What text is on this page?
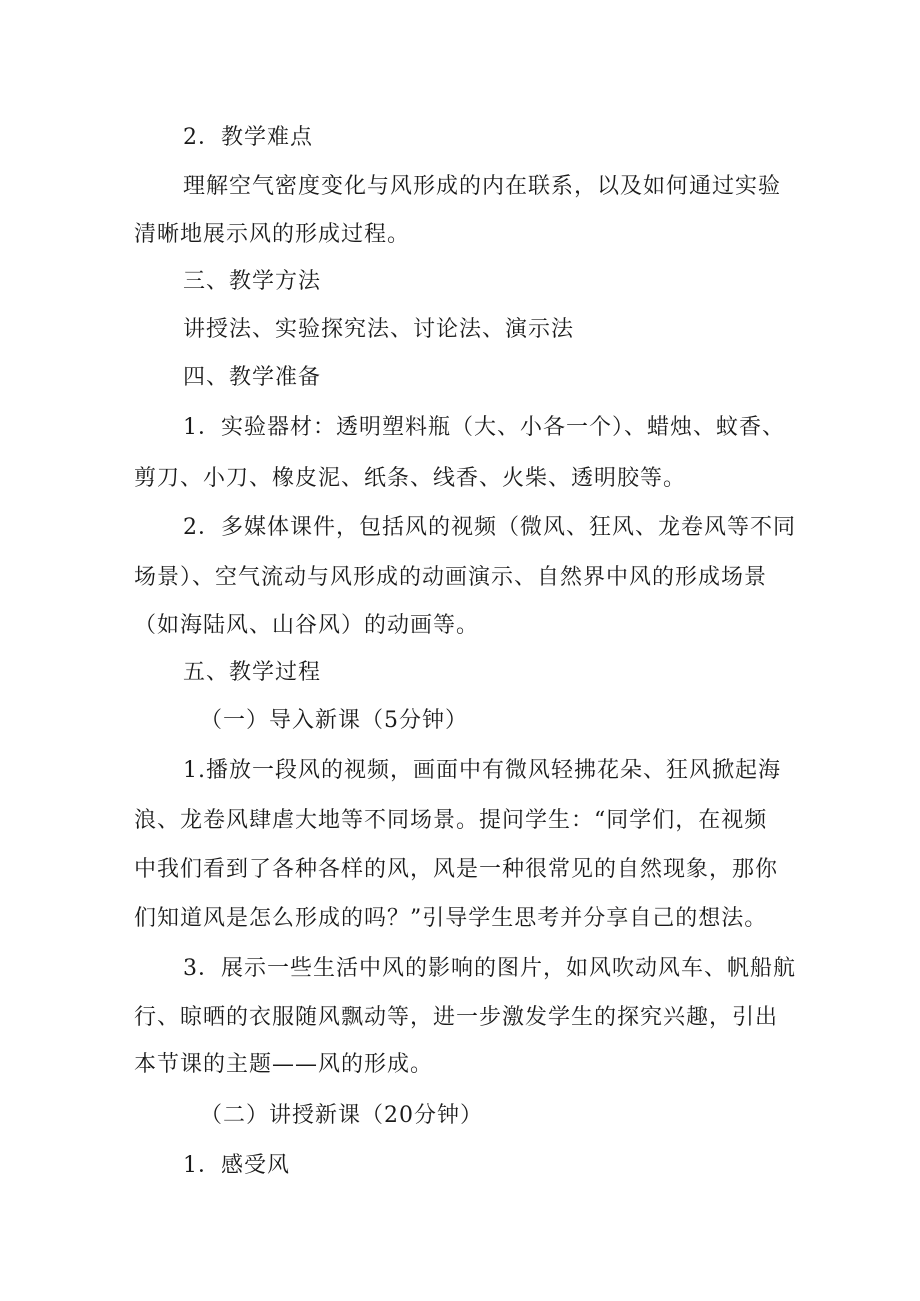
2．教学难点
理解空气密度变化与风形成的内在联系，以及如何通过实验
清晰地展示风的形成过程。
三、教学方法
讲授法、实验探究法、讨论法、演示法
四、教学准备
1．实验器材：透明塑料瓶（大、小各一个）、蜡烛、蚊香、
剪刀、小刀、橡皮泥、纸条、线香、火柴、透明胶等。
2．多媒体课件，包括风的视频（微风、狂风、龙卷风等不同
场景）、空气流动与风形成的动画演示、自然界中风的形成场景
（如海陆风、山谷风）的动画等。
五、教学过程
（一）导入新课（5分钟）
1.播放一段风的视频，画面中有微风轻拂花朵、狂风掀起海
浪、龙卷风肆虐大地等不同场景。提问学生：“同学们，在视频
中我们看到了各种各样的风，风是一种很常见的自然现象，那你
们知道风是怎么形成的吗？”引导学生思考并分享自己的想法。
3．展示一些生活中风的影响的图片，如风吹动风车、帆船航
行、晾晒的衣服随风飘动等，进一步激发学生的探究兴趣，引出
本节课的主题——风的形成。
（二）讲授新课（20分钟）
1．感受风
